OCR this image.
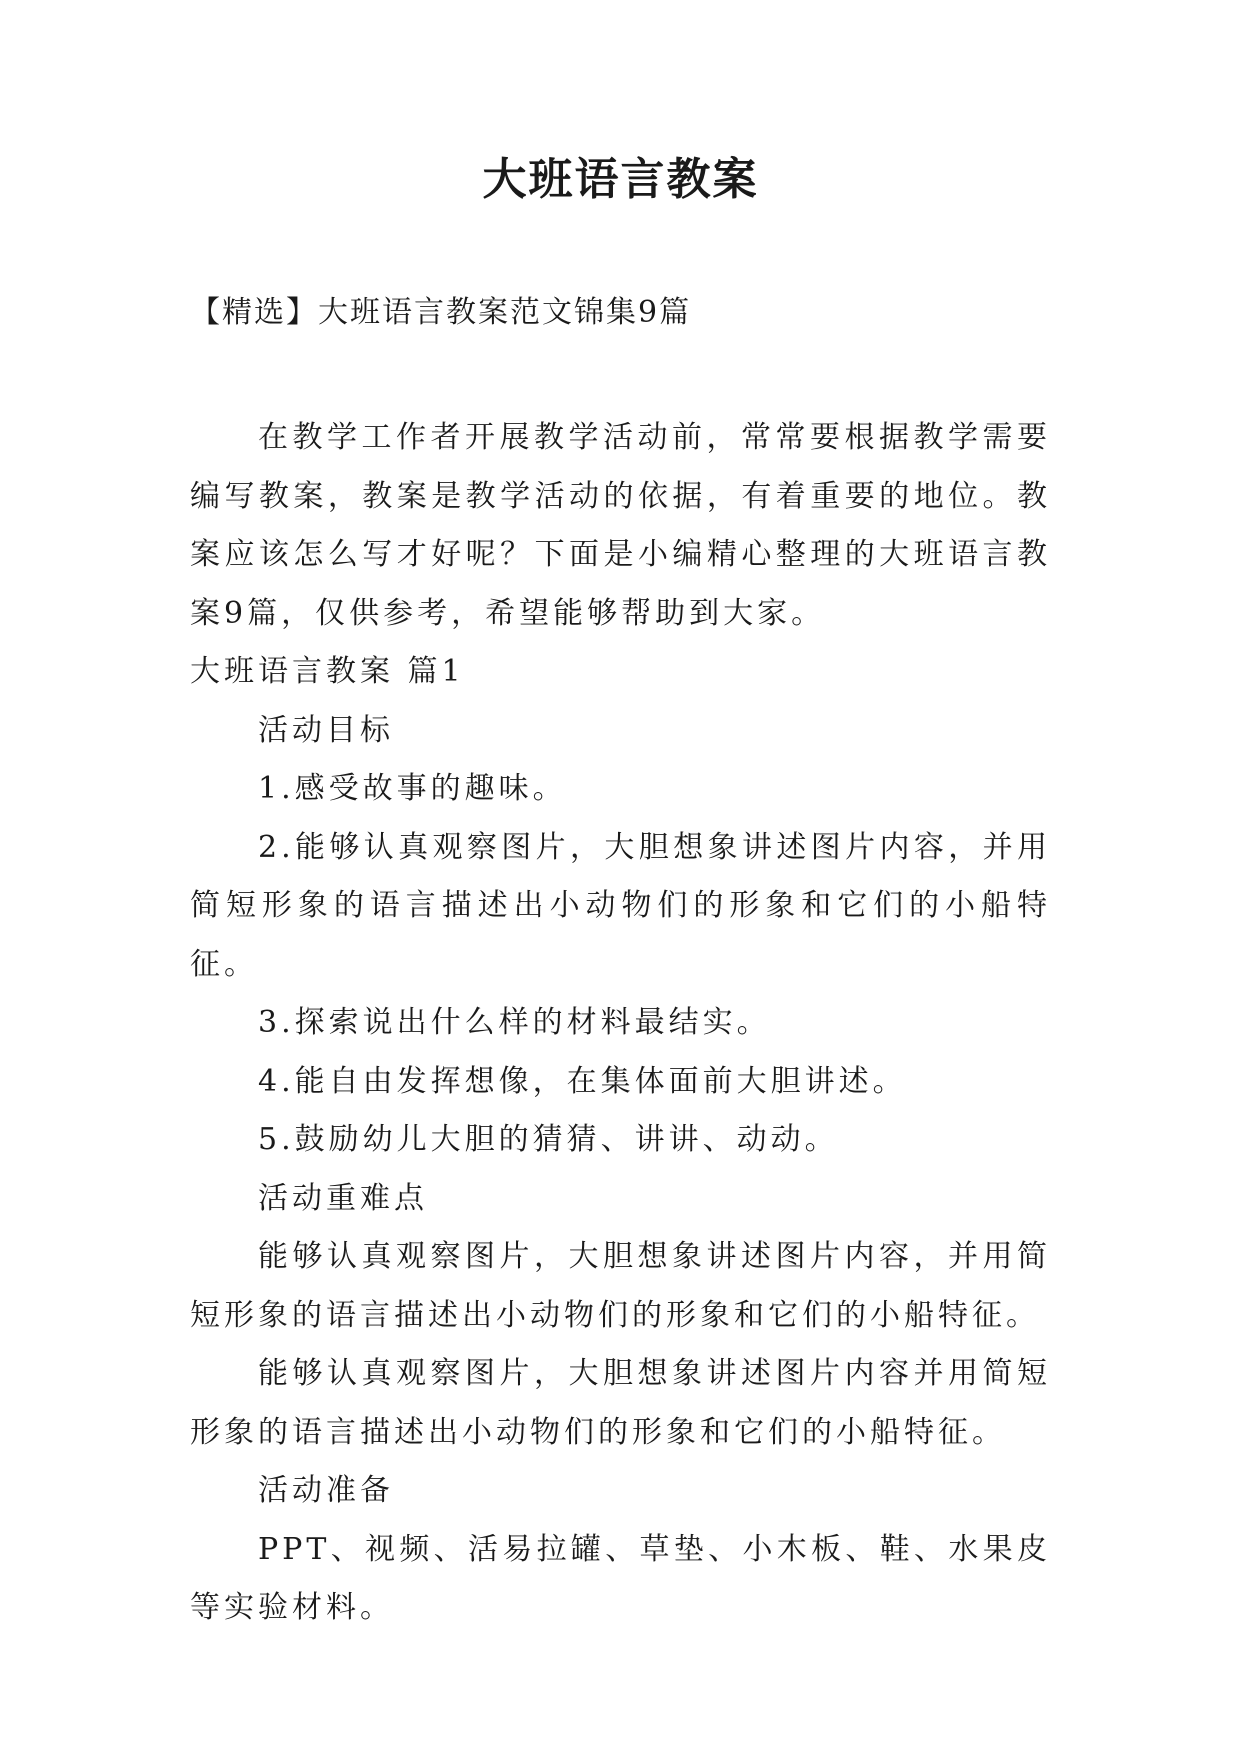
大班语言教案
【精选】大班语言教案范文锦集9篇

在教学工作者开展教学活动前，常常要根据教学需要编写教案，教案是教学活动的依据，有着重要的地位。教案应该怎么写才好呢？下面是小编精心整理的大班语言教案9篇，仅供参考，希望能够帮助到大家。

大班语言教案 篇1

活动目标

1.感受故事的趣味。

2.能够认真观察图片，大胆想象讲述图片内容，并用简短形象的语言描述出小动物们的形象和它们的小船特征。

3.探索说出什么样的材料最结实。

4.能自由发挥想像，在集体面前大胆讲述。

5.鼓励幼儿大胆的猜猜、讲讲、动动。

活动重难点

能够认真观察图片，大胆想象讲述图片内容，并用简短形象的语言描述出小动物们的形象和它们的小船特征。

能够认真观察图片，大胆想象讲述图片内容并用简短形象的语言描述出小动物们的形象和它们的小船特征。

活动准备

PPT、视频、活易拉罐、草垫、小木板、鞋、水果皮等实验材料。
